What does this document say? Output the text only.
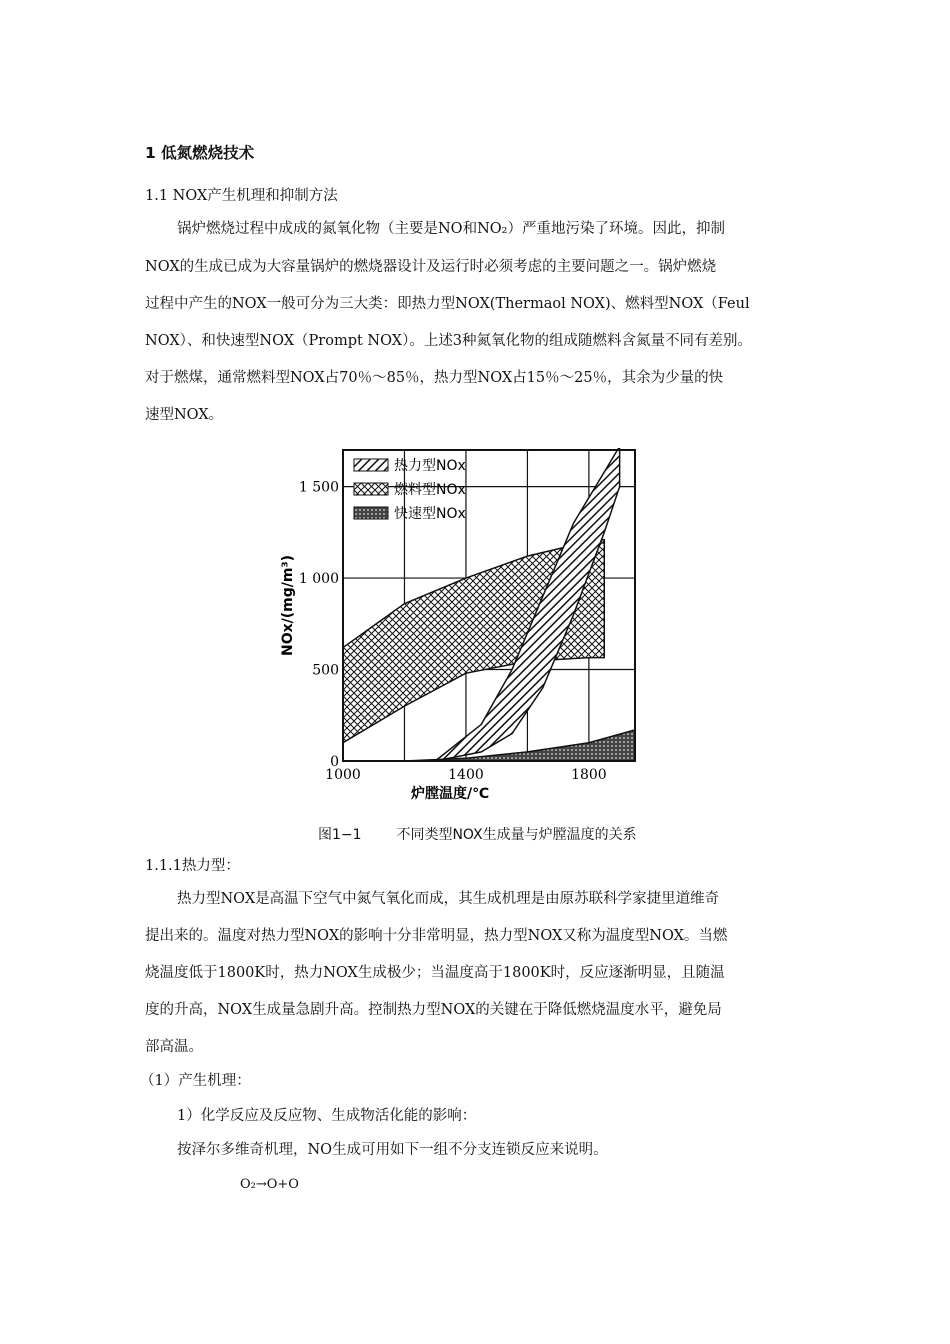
1 低氮燃烧技术
1.1 NOX产生机理和抑制方法
锅炉燃烧过程中成成的氮氧化物（主要是NO和NO₂）严重地污染了环境。因此，抑制
NOX的生成已成为大容量锅炉的燃烧器设计及运行时必须考虑的主要问题之一。锅炉燃烧
过程中产生的NOX一般可分为三大类：即热力型NOX(Thermaol NOX)、燃料型NOX（Feul
NOX）、和快速型NOX（Prompt NOX）。上述3种氮氧化物的组成随燃料含氮量不同有差别。
对于燃煤，通常燃料型NOX占70％～85％，热力型NOX占15％～25％，其余为少量的快
速型NOX。
0
500
1 000
1 500
1000	1400	1800
热力型NOx
燃料型NOx
快速型NOx
NOx/(mg/m³)
炉膛温度/℃
图1−1 不同类型NOX生成量与炉膛温度的关系
1.1.1热力型：
热力型NOX是高温下空气中氮气氧化而成，其生成机理是由原苏联科学家捷里道维奇
提出来的。温度对热力型NOX的影响十分非常明显，热力型NOX又称为温度型NOX。当燃
烧温度低于1800K时，热力NOX生成极少；当温度高于1800K时，反应逐渐明显，且随温
度的升高，NOX生成量急剧升高。控制热力型NOX的关键在于降低燃烧温度水平，避免局
部高温。
（1）产生机理：
1）化学反应及反应物、生成物活化能的影响：
按泽尔多维奇机理，NO生成可用如下一组不分支连锁反应来说明。
O₂→O+O
